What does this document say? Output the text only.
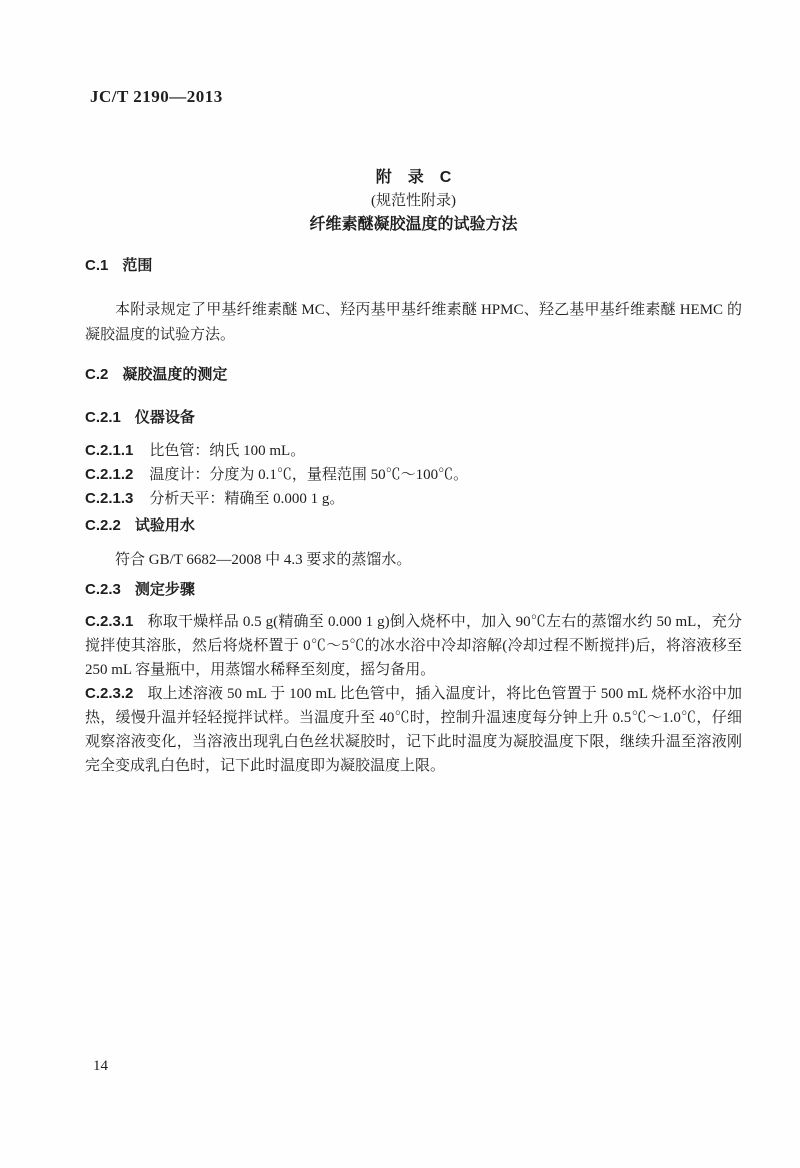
JC/T 2190—2013
附　录　C
(规范性附录)
纤维素醚凝胶温度的试验方法
C.1 范围

本附录规定了甲基纤维素醚 MC、羟丙基甲基纤维素醚 HPMC、羟乙基甲基纤维素醚 HEMC 的凝胶温度的试验方法。

C.2 凝胶温度的测定
C.2.1 仪器设备
C.2.1.1 比色管：纳氏 100 mL。
C.2.1.2 温度计：分度为 0.1℃，量程范围 50℃～100℃。
C.2.1.3 分析天平：精确至 0.000 1 g。
C.2.2 试验用水

符合 GB/T 6682—2008 中 4.3 要求的蒸馏水。

C.2.3 测定步骤

C.2.3.1 称取干燥样品 0.5 g(精确至 0.000 1 g)倒入烧杯中，加入 90℃左右的蒸馏水约 50 mL，充分搅拌使其溶胀，然后将烧杯置于 0℃～5℃的冰水浴中冷却溶解(冷却过程不断搅拌)后，将溶液移至 250 mL 容量瓶中，用蒸馏水稀释至刻度，摇匀备用。

C.2.3.2 取上述溶液 50 mL 于 100 mL 比色管中，插入温度计，将比色管置于 500 mL 烧杯水浴中加热，缓慢升温并轻轻搅拌试样。当温度升至 40℃时，控制升温速度每分钟上升 0.5℃～1.0℃，仔细观察溶液变化，当溶液出现乳白色丝状凝胶时，记下此时温度为凝胶温度下限，继续升温至溶液刚完全变成乳白色时，记下此时温度即为凝胶温度上限。

14
